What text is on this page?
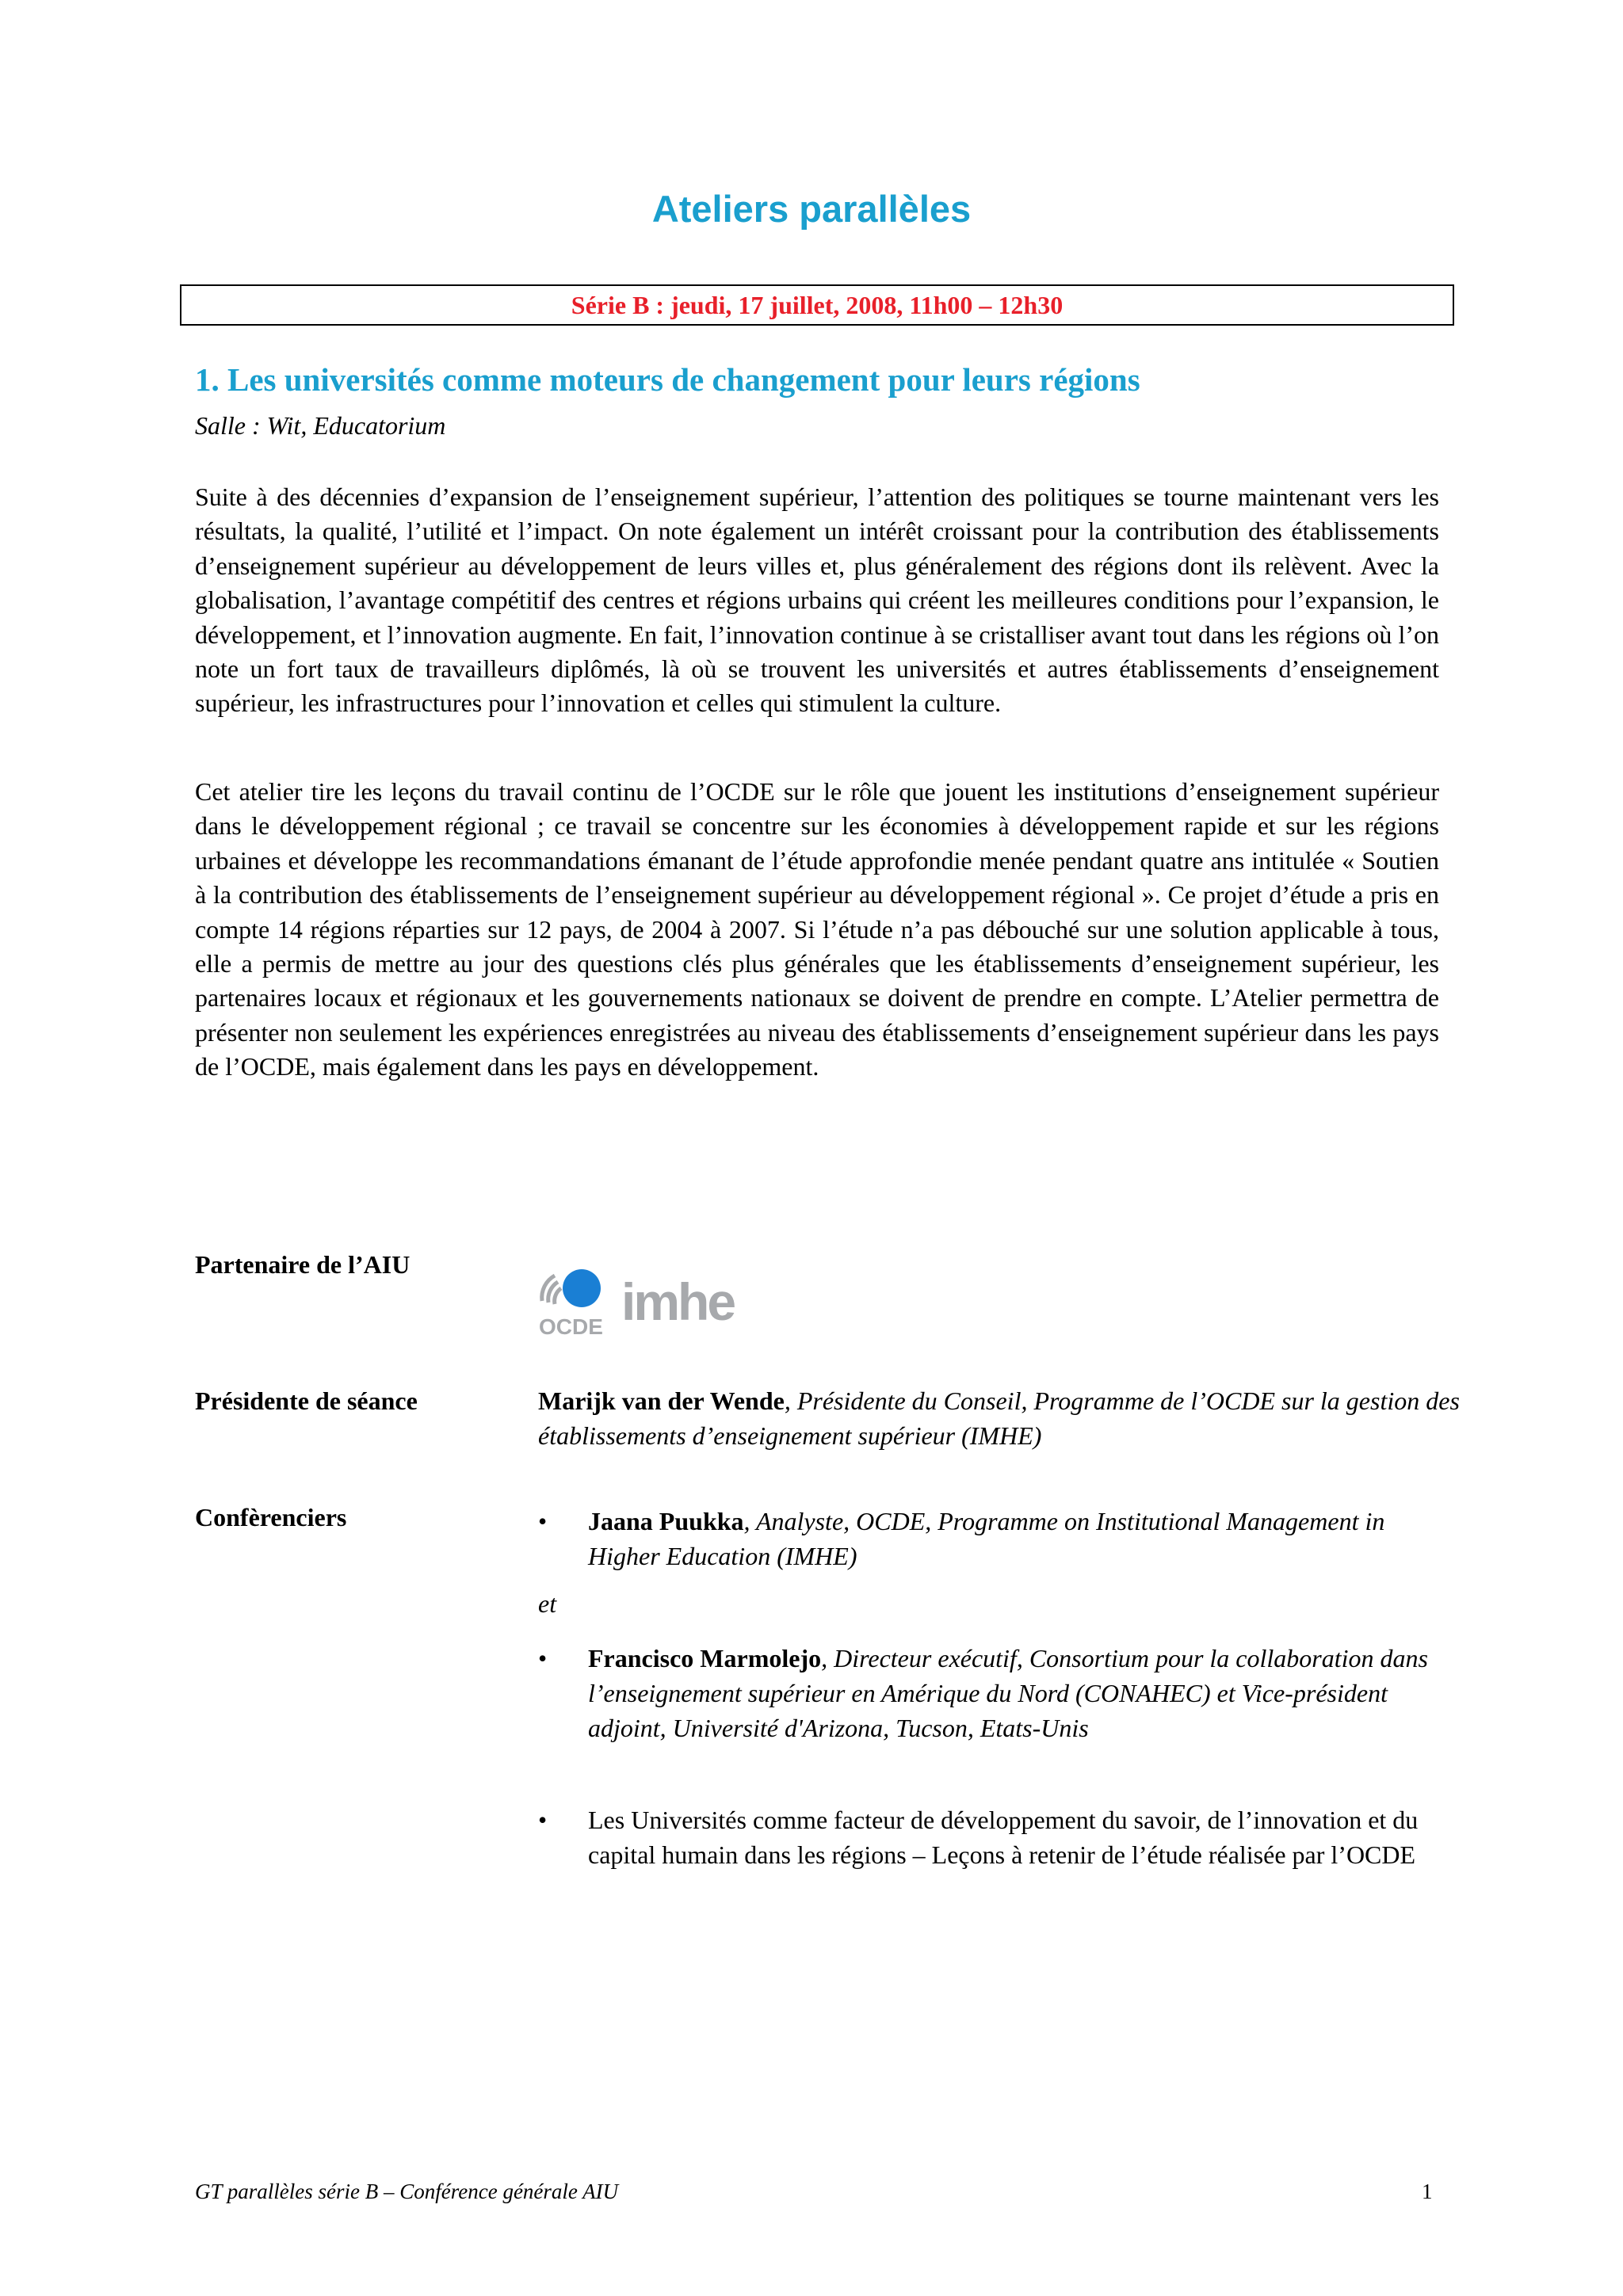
Ateliers parallèles
Série B : jeudi, 17 juillet, 2008, 11h00 – 12h30
1. Les universités comme moteurs de changement pour leurs régions
Salle : Wit, Educatorium

Suite à des décennies d’expansion de l’enseignement supérieur, l’attention des politiques se tourne maintenant vers les résultats, la qualité, l’utilité et l’impact. On note également un intérêt croissant pour la contribution des établissements d’enseignement supérieur au développement de leurs villes et, plus généralement des régions dont ils relèvent. Avec la globalisation, l’avantage compétitif des centres et régions urbains qui créent les meilleures conditions pour l’expansion, le développement, et l’innovation augmente. En fait, l’innovation continue à se cristalliser avant tout dans les régions où l’on note un fort taux de travailleurs diplômés, là où se trouvent les universités et autres établissements d’enseignement supérieur, les infrastructures pour l’innovation et celles qui stimulent la culture.

Cet atelier tire les leçons du travail continu de l’OCDE sur le rôle que jouent les institutions d’enseignement supérieur dans le développement régional ; ce travail se concentre sur les économies à développement rapide et sur les régions urbaines et développe les recommandations émanant de l’étude approfondie menée pendant quatre ans intitulée « Soutien à la contribution des établissements de l’enseignement supérieur au développement régional ». Ce projet d’étude a pris en compte 14 régions réparties sur 12 pays, de 2004 à 2007. Si l’étude n’a pas débouché sur une solution applicable à tous, elle a permis de mettre au jour des questions clés plus générales que les établissements d’enseignement supérieur, les partenaires locaux et régionaux et les gouvernements nationaux se doivent de prendre en compte. L’Atelier permettra de présenter non seulement les expériences enregistrées au niveau des établissements d’enseignement supérieur dans les pays de l’OCDE, mais également dans les pays en développement.

Partenaire de l’AIU
OCDE imhe
Présidente de séance	Marijk van der Wende, Présidente du Conseil, Programme de l’OCDE sur la gestion des établissements d’enseignement supérieur (IMHE)
Confèrenciers	•	Jaana Puukka, Analyste, OCDE, Programme on Institutional Management in Higher Education (IMHE)
et
•	Francisco Marmolejo, Directeur exécutif, Consortium pour la collaboration dans l’enseignement supérieur en Amérique du Nord (CONAHEC) et Vice-président adjoint, Université d'Arizona, Tucson, Etats-Unis
•	Les Universités comme facteur de développement du savoir, de l’innovation et du capital humain dans les régions – Leçons à retenir de l’étude réalisée par l’OCDE
GT parallèles série B – Conférence générale AIU	1
